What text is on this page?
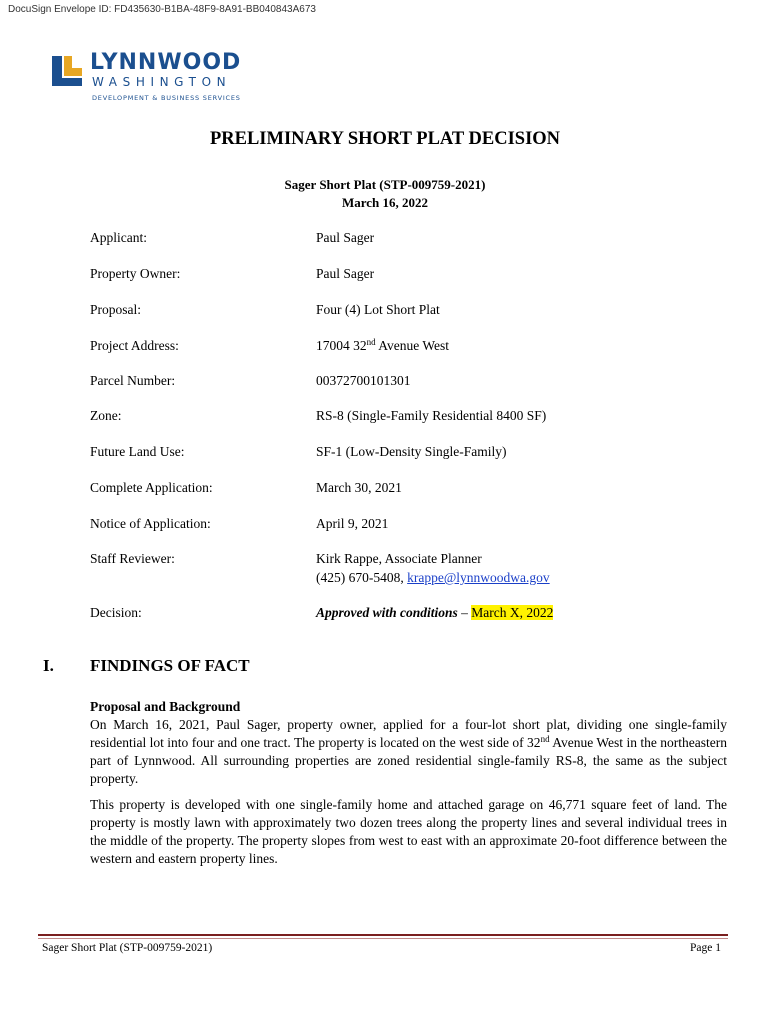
DocuSign Envelope ID: FD435630-B1BA-48F9-8A91-BB040843A673
LYNNWOOD
WASHINGTON
DEVELOPMENT & BUSINESS SERVICES
PRELIMINARY SHORT PLAT DECISION
Sager Short Plat (STP-009759-2021)
March 16, 2022
Applicant:	Paul Sager
Property Owner:	Paul Sager
Proposal:	Four (4) Lot Short Plat
Project Address:	17004 32nd Avenue West
Parcel Number:	00372700101301
Zone:	RS-8 (Single-Family Residential 8400 SF)
Future Land Use:	SF-1 (Low-Density Single-Family)
Complete Application:	March 30, 2021
Notice of Application:	April 9, 2021
Staff Reviewer:	Kirk Rappe, Associate Planner
(425) 670-5408, krappe@lynnwoodwa.gov
Decision:	Approved with conditions – March X, 2022
I. FINDINGS OF FACT
Proposal and Background
On March 16, 2021, Paul Sager, property owner, applied for a four-lot short plat, dividing one single-family residential lot into four and one tract. The property is located on the west side of 32nd Avenue West in the northeastern part of Lynnwood. All surrounding properties are zoned residential single-family RS-8, the same as the subject property.
This property is developed with one single-family home and attached garage on 46,771 square feet of land. The property is mostly lawn with approximately two dozen trees along the property lines and several individual trees in the middle of the property. The property slopes from west to east with an approximate 20-foot difference between the western and eastern property lines.
Sager Short Plat (STP-009759-2021)	Page 1
